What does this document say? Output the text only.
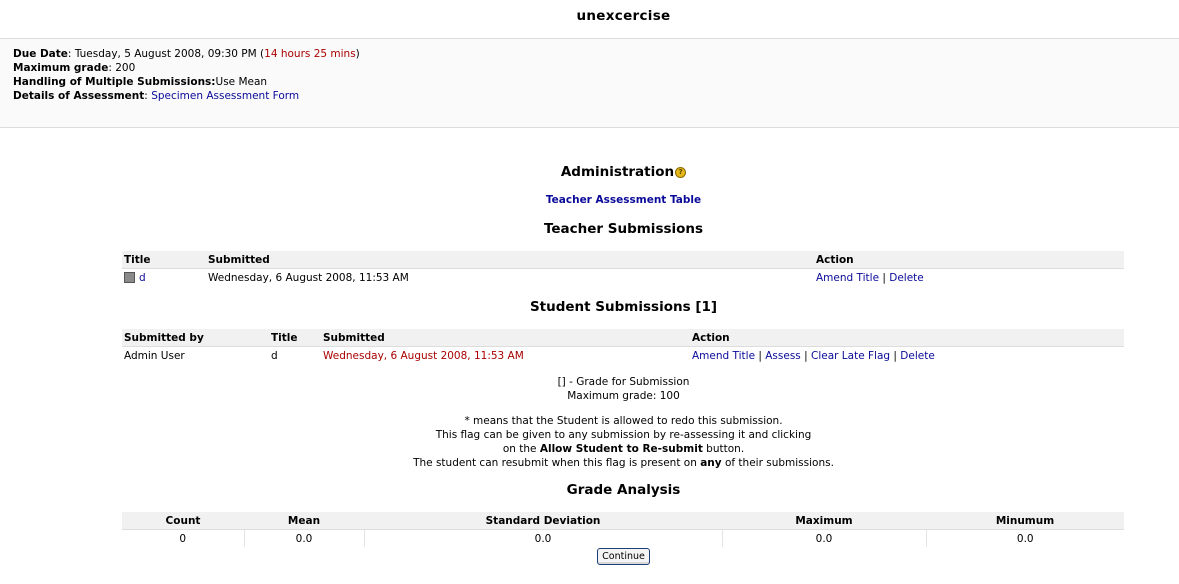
unexcercise
Due Date: Tuesday, 5 August 2008, 09:30 PM (14 hours 25 mins)
Maximum grade: 200
Handling of Multiple Submissions:Use Mean
Details of Assessment: Specimen Assessment Form
Administration ?
Teacher Assessment Table
Teacher Submissions
Title	Submitted	Action
d	Wednesday, 6 August 2008, 11:53 AM	Amend Title | Delete
Student Submissions [1]
Submitted by	Title	Submitted	Action
Admin User	d	Wednesday, 6 August 2008, 11:53 AM	Amend Title | Assess | Clear Late Flag | Delete
[] - Grade for Submission
Maximum grade: 100
* means that the Student is allowed to redo this submission.
This flag can be given to any submission by re-assessing it and clicking
on the Allow Student to Re-submit button.
The student can resubmit when this flag is present on any of their submissions.
Grade Analysis
Count	Mean	Standard Deviation	Maximum	Minumum
0	0.0	0.0	0.0	0.0
Continue
